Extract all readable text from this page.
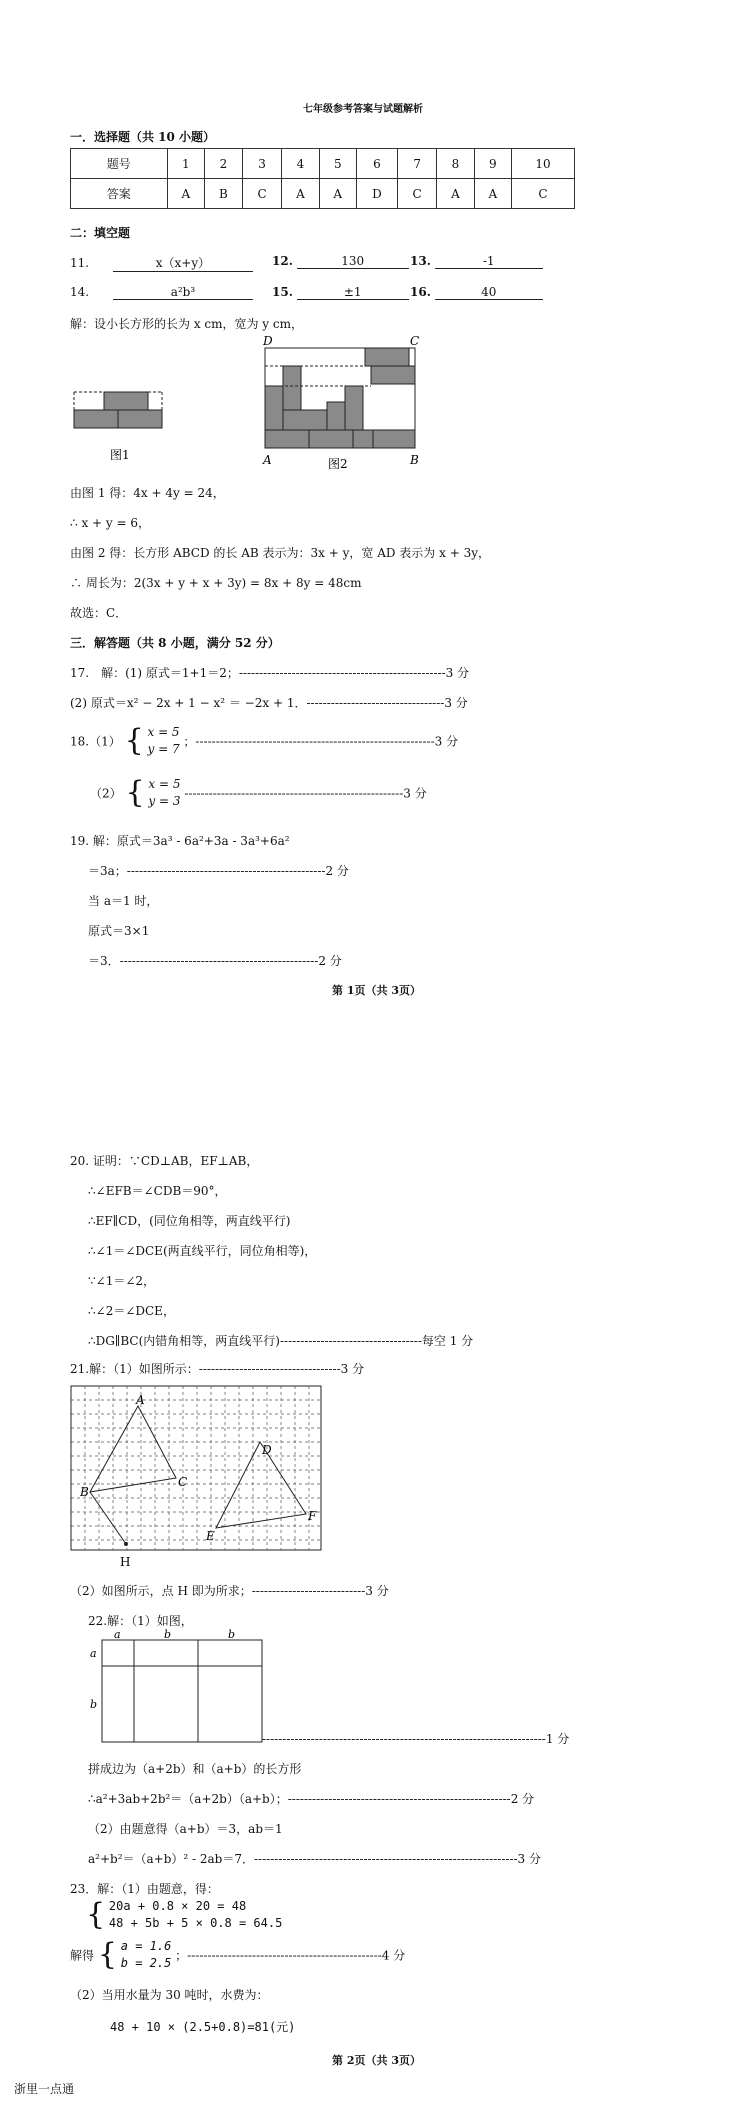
七年级参考答案与试题解析
一．选择题（共 10 小题）
题号	1	2	3	4	5	6	7	8	9	10
答案	A	B	C	A	A	D	C	A	A	C
二：填空题
11.	x（x+y）	12.	130	13.	-1
14.	a²b³	15.	±1	16.	40
解：设小长方形的长为 x cm，宽为 y cm，
图1
D	C
A	B
图2
由图 1 得：4x + 4y = 24，
∴ x + y = 6，
由图 2 得：长方形 ABCD 的长 AB 表示为：3x + y，宽 AD 表示为 x + 3y，
∴ 周长为：2(3x + y + x + 3y) = 8x + 8y = 48cm
故选：C．
三．解答题（共 8 小题，满分 52 分）
17.　解：(1) 原式＝1+1＝2；---------------------------------------------------3 分
(2) 原式＝x² − 2x + 1 − x² ＝ −2x + 1．----------------------------------3 分
18.（1） { x = 5
y = 7
；-----------------------------------------------------------3 分
（2） { x = 5
y = 3
------------------------------------------------------3 分
19. 解：原式＝3a³ - 6a²+3a - 3a³+6a²
＝3a；-------------------------------------------------2 分
当 a＝1 时，
原式＝3×1
＝3．-------------------------------------------------2 分
第 1页（共 3页）
20. 证明：∵CD⊥AB，EF⊥AB，
∴∠EFB＝∠CDB＝90°，
∴EF∥CD，(同位角相等，两直线平行)
∴∠1＝∠DCE(两直线平行，同位角相等)，
∵∠1＝∠2，
∴∠2＝∠DCE，
∴DG∥BC(内错角相等，两直线平行)-----------------------------------每空 1 分
21.解：（1）如图所示：-----------------------------------3 分
A
B
C
D
E
F
H
（2）如图所示，点 H 即为所求；----------------------------3 分
22.解：（1）如图，
a	b	b
a
b
----------------------------------------------------------------------1 分
拼成边为（a+2b）和（a+b）的长方形
∴a²+3ab+2b²＝（a+2b）（a+b）；-------------------------------------------------------2 分
（2）由题意得（a+b）＝3，ab＝1
a²+b²＝（a+b）² - 2ab＝7．-----------------------------------------------------------------3 分
23．解：（1）由题意，得：
{ 20a + 0.8 × 20 = 48
48 + 5b + 5 × 0.8 = 64.5
解得 { a = 1.6
b = 2.5
；------------------------------------------------4 分
（2）当用水量为 30 吨时，水费为：
48 + 10 × (2.5+0.8)=81(元)
第 2页（共 3页）
浙里一点通
